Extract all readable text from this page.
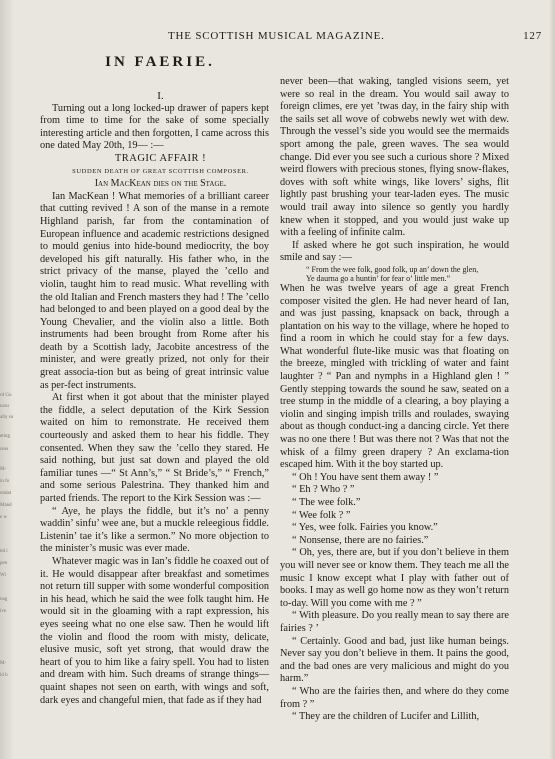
rd Gu
ussu
ally su
eting
cess
M-
in fo
ondat
Mand
e w
nd i
pen
Wi
nag
ive
M-
ld b
THE SCOTTISH MUSICAL MAGAZINE.	127
IN FAERIE.

I.

Turning out a long locked-up drawer of papers kept from time to time for the sake of some specially interesting article and then forgotten, I came across this one dated May 20th, 19— :—

TRAGIC AFFAIR !

SUDDEN DEATH OF GREAT SCOTTISH COMPOSER.

Ian MacKean dies on the Stage.

Ian MacKean ! What memories of a brilliant career that cutting revived ! A son of the manse in a remote Highland parish, far from the contamination of European influence and academic restrictions designed to mould genius into hide-bound mediocrity, the boy developed his gift naturally. His father who, in the strict privacy of the manse, played the ’cello and violin, taught him to read music. What revelling with the old Italian and French masters they had ! The ’cello had belonged to and been played on a good deal by the Young Chevalier, and the violin also a little. Both instruments had been brought from Rome after his death by a Scottish lady, Jacobite ancestress of the minister, and were greatly prized, not only for their great associa-tion but as being of great intrinsic value as per-fect instruments.

At first when it got about that the minister played the fiddle, a select deputation of the Kirk Session waited on him to remonstrate. He received them courteously and asked them to hear his fiddle. They consented. When they saw the ’cello they stared. He said nothing, but just sat down and played the old familiar tunes —“ St Ann’s,” “ St Bride’s,” “ French,” and some serious Palestrina. They thanked him and parted friends. The report to the Kirk Session was :—

“ Aye, he plays the fiddle, but it’s no’ a penny waddin’ sinfu’ wee ane, but a muckle releegious fiddle. Listenin’ tae it’s like a sermon.” No more objection to the minister’s music was ever made.

Whatever magic was in Ian’s fiddle he coaxed out of it. He would disappear after breakfast and sometimes not return till supper with some wonderful composition in his head, which he said the wee folk taught him. He would sit in the gloaming with a rapt expression, his eyes seeing what no one else saw. Then he would lift the violin and flood the room with misty, delicate, elusive music, soft yet strong, that would draw the heart of you to him like a fairy spell. You had to listen and dream with him. Such dreams of strange things—quaint shapes not seen on earth, with wings and soft, dark eyes and changeful mien, that fade as if they had

never been—that waking, tangled visions seem, yet were so real in the dream. You would sail away to foreign climes, ere yet ’twas day, in the fairy ship with the sails set all wove of cobwebs newly wet with dew. Through the vessel’s side you would see the mermaids sport among the pale, green waves. The sea would change. Did ever you see such a curious shore ? Mixed weird flowers with precious stones, flying snow-flakes, doves with soft white wings, like lovers’ sighs, flit lightly past brushing your tear-laden eyes. The music would trail away into silence so gently you hardly knew when it stopped, and you would just wake up with a feeling of infinite calm.

If asked where he got such inspiration, he would smile and say :—

“ From the wee folk, good folk, up an’ down the glen,

Ye daurna go a huntin’ for fear o’ little men.”

When he was twelve years of age a great French composer visited the glen. He had never heard of Ian, and was just passing, knapsack on back, through a plantation on his way to the village, where he hoped to find a room in which he could stay for a few days. What wonderful flute-like music was that floating on the breeze, mingled with trickling of water and faint laughter ? “ Pan and nymphs in a Highland glen ! ” Gently stepping towards the sound he saw, seated on a tree stump in the middle of a clearing, a boy playing a violin and singing impish trills and roulades, swaying about as though conduct-ing a dancing circle. Yet there was no one there ! But was there not ? Was that not the whisk of a filmy green drapery ? An exclama-tion escaped him. With it the boy started up.

“ Oh ! You have sent them away ! ”

“ Eh ? Who ? ”

“ The wee folk.”

“ Wee folk ? ”

“ Yes, wee folk. Fairies you know.”

“ Nonsense, there are no fairies.”

“ Oh, yes, there are, but if you don’t believe in them you will never see or know them. They teach me all the music I know except what I play with father out of books. I may as well go home now as they won’t return to-day. Will you come with me ? ”

“ With pleasure. Do you really mean to say there are fairies ? ’

“ Certainly. Good and bad, just like human beings. Never say you don’t believe in them. It pains the good, and the bad ones are very malicious and might do you harm.”

“ Who are the fairies then, and where do they come from ? ”

“ They are the children of Lucifer and Lillith,
